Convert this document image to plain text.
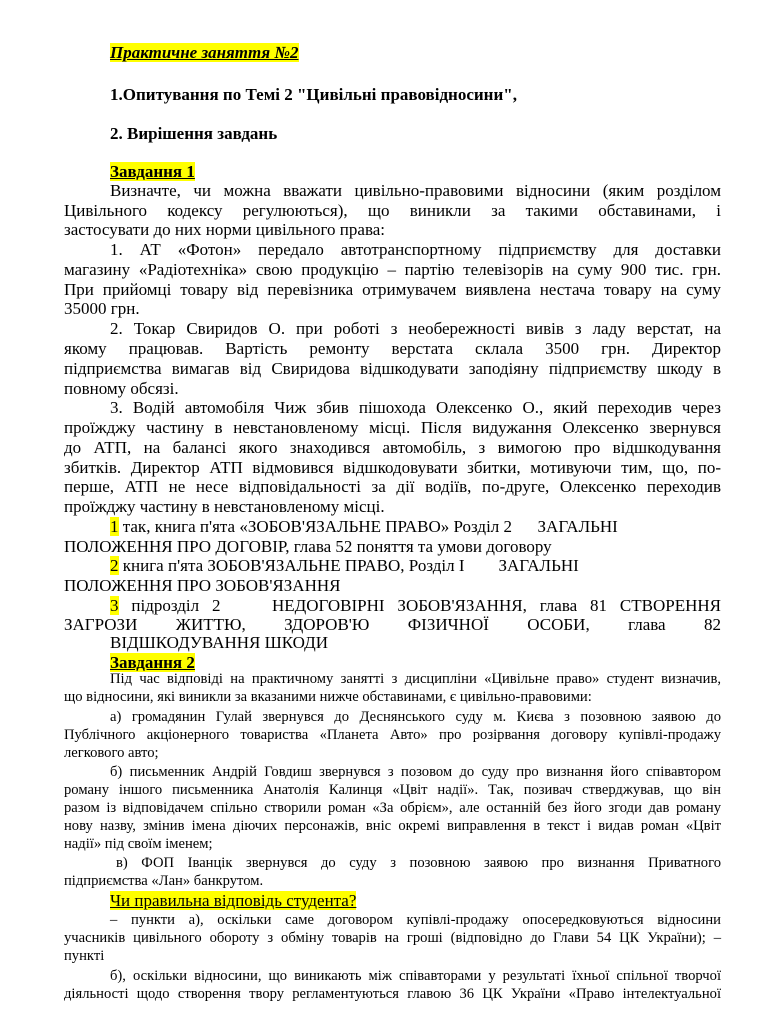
Практичне заняття №2
1.Опитування по Темі 2 "Цивільні правовідносини",
2. Вирішення завдань
Завдання 1
Визначте, чи можна вважати цивільно-правовими відносини (яким розділом
Цивільного кодексу регулюються), що виникли за такими обставинами, і
застосувати до них норми цивільного права:
1. АТ «Фотон» передало автотранспортному підприємству для доставки
магазину «Радіотехніка» свою продукцію – партію телевізорів на суму 900 тис. грн.
При прийомці товару від перевізника отримувачем виявлена нестача товару на суму
35000 грн.
2. Токар Свиридов О. при роботі з необережності вивів з ладу верстат, на
якому працював. Вартість ремонту верстата склала 3500 грн. Директор
підприємства вимагав від Свиридова відшкодувати заподіяну підприємству шкоду в
повному обсязі.
3. Водій автомобіля Чиж збив пішохода Олексенко О., який переходив через
проїжджу частину в невстановленому місці. Після видужання Олексенко звернувся
до АТП, на балансі якого знаходився автомобіль, з вимогою про відшкодування
збитків. Директор АТП відмовився відшкодовувати збитки, мотивуючи тим, що, по-
перше, АТП не несе відповідальності за дії водіїв, по-друге, Олексенко переходив
проїжджу частину в невстановленому місці.
1 так, книга п'ята «ЗОБОВ'ЯЗАЛЬНЕ ПРАВО» Розділ 2      ЗАГАЛЬНІ
ПОЛОЖЕННЯ ПРО ДОГОВІР, глава 52 поняття та умови договору
2 книга п'ята ЗОБОВ'ЯЗАЛЬНЕ ПРАВО, Розділ I        ЗАГАЛЬНІ
ПОЛОЖЕННЯ ПРО ЗОБОВ'ЯЗАННЯ
3 підрозділ 2    НЕДОГОВІРНІ ЗОБОВ'ЯЗАННЯ, глава 81 СТВОРЕННЯ
ЗАГРОЗИ ЖИТТЮ, ЗДОРОВ'Ю ФІЗИЧНОЇ ОСОБИ, глава 82
ВІДШКОДУВАННЯ ШКОДИ
Завдання 2
Під час відповіді на практичному занятті з дисципліни «Цивільне право» студент визначив,
що відносини, які виникли за вказаними нижче обставинами, є цивільно-правовими:
а) громадянин Гулай звернувся до Деснянського суду м. Києва з позовною заявою до
Публічного акціонерного товариства «Планета Авто» про розірвання договору купівлі-продажу
легкового авто;
б) письменник Андрій Говдиш звернувся з позовом до суду про визнання його співавтором
роману іншого письменника Анатолія Калинця «Цвіт надії». Так, позивач стверджував, що він
разом із відповідачем спільно створили роман «За обрієм», але останній без його згоди дав роману
нову назву, змінив імена діючих персонажів, вніс окремі виправлення в текст і видав роман «Цвіт
надії» під своїм іменем;
в) ФОП Іванцік звернувся до суду з позовною заявою про визнання Приватного
підприємства «Лан» банкрутом.
Чи правильна відповідь студента?
– пункти а), оскільки саме договором купівлі-продажу опосередковуються відносини
учасників цивільного обороту з обміну товарів на гроші (відповідно до Глави 54 ЦК України); –
пункті
б), оскільки відносини, що виникають між співавторами у результаті їхньої спільної творчої
діяльності щодо створення твору регламентуються главою 36 ЦК України «Право інтелектуальної
